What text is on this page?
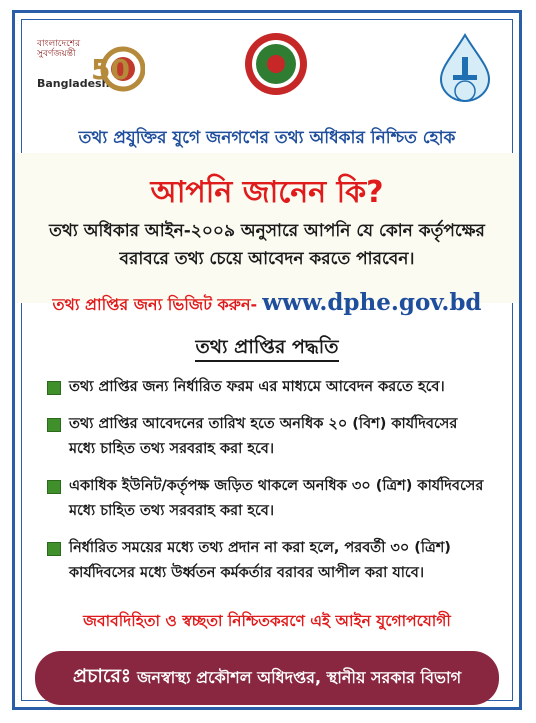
বাংলাদেশের সুবর্ণজয়ন্তী
Bangladesh
50
তথ্য প্রযুক্তির যুগে জনগণের তথ্য অধিকার নিশ্চিত হোক
আপনি জানেন কি?
তথ্য অধিকার আইন-২০০৯ অনুসারে আপনি যে কোন কর্তৃপক্ষের বরাবরে তথ্য চেয়ে আবেদন করতে পারবেন।
তথ্য প্রাপ্তির জন্য ভিজিট করুন- www.dphe.gov.bd
তথ্য প্রাপ্তির পদ্ধতি
তথ্য প্রাপ্তির জন্য নির্ধারিত ফরম এর মাধ্যমে আবেদন করতে হবে।
তথ্য প্রাপ্তির আবেদনের তারিখ হতে অনধিক ২০ (বিশ) কার্যদিবসের মধ্যে চাহিত তথ্য সরবরাহ করা হবে।
একাধিক ইউনিট/কর্তৃপক্ষ জড়িত থাকলে অনধিক ৩০ (ত্রিশ) কার্যদিবসের মধ্যে চাহিত তথ্য সরবরাহ করা হবে।
নির্ধারিত সময়ের মধ্যে তথ্য প্রদান না করা হলে, পরবর্তী ৩০ (ত্রিশ) কার্যদিবসের মধ্যে উর্ধ্বতন কর্মকর্তার বরাবর আপীল করা যাবে।
জবাবদিহিতা ও স্বচ্ছতা নিশ্চিতকরণে এই আইন যুগোপযোগী
প্রচারেঃ জনস্বাস্থ্য প্রকৌশল অধিদপ্তর, স্থানীয় সরকার বিভাগ
